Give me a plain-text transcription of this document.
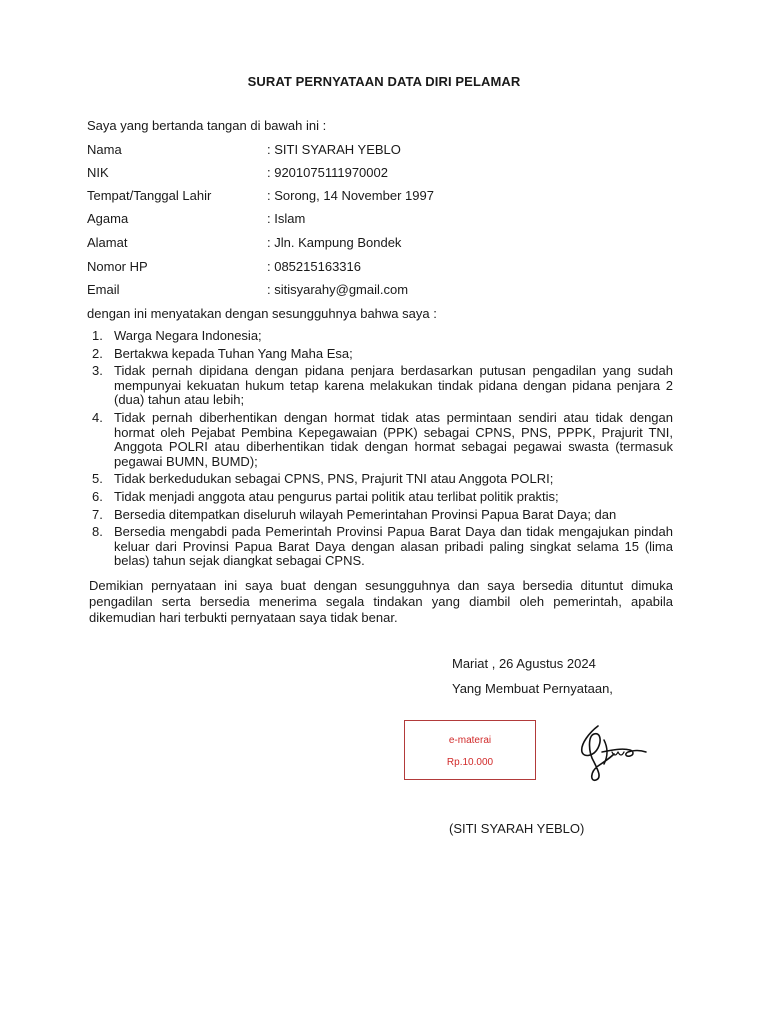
SURAT PERNYATAAN DATA DIRI PELAMAR
Saya yang bertanda tangan di bawah ini :
Nama	: SITI SYARAH YEBLO
NIK	: 9201075111970002
Tempat/Tanggal Lahir	: Sorong, 14 November 1997
Agama	: Islam
Alamat	: Jln. Kampung Bondek
Nomor HP	: 085215163316
Email	: sitisyarahy@gmail.com
dengan ini menyatakan dengan sesungguhnya bahwa saya :
1. Warga Negara Indonesia;
2. Bertakwa kepada Tuhan Yang Maha Esa;
3. Tidak pernah dipidana dengan pidana penjara berdasarkan putusan pengadilan yang sudah mempunyai kekuatan hukum tetap karena melakukan tindak pidana dengan pidana penjara 2 (dua) tahun atau lebih;
4. Tidak pernah diberhentikan dengan hormat tidak atas permintaan sendiri atau tidak dengan hormat oleh Pejabat Pembina Kepegawaian (PPK) sebagai CPNS, PNS, PPPK, Prajurit TNI, Anggota POLRI atau diberhentikan tidak dengan hormat sebagai pegawai swasta (termasuk pegawai BUMN, BUMD);
5. Tidak berkedudukan sebagai CPNS, PNS, Prajurit TNI atau Anggota POLRI;
6. Tidak menjadi anggota atau pengurus partai politik atau terlibat politik praktis;
7. Bersedia ditempatkan diseluruh wilayah Pemerintahan Provinsi Papua Barat Daya; dan
8. Bersedia mengabdi pada Pemerintah Provinsi Papua Barat Daya dan tidak mengajukan pindah keluar dari Provinsi Papua Barat Daya dengan alasan pribadi paling singkat selama 15 (lima belas) tahun sejak diangkat sebagai CPNS.
Demikian pernyataan ini saya buat dengan sesungguhnya dan saya bersedia dituntut dimuka pengadilan serta bersedia menerima segala tindakan yang diambil oleh pemerintah, apabila dikemudian hari terbukti pernyataan saya tidak benar.
Mariat , 26 Agustus 2024
Yang Membuat Pernyataan,
e-materai
Rp.10.000
(SITI SYARAH YEBLO)
